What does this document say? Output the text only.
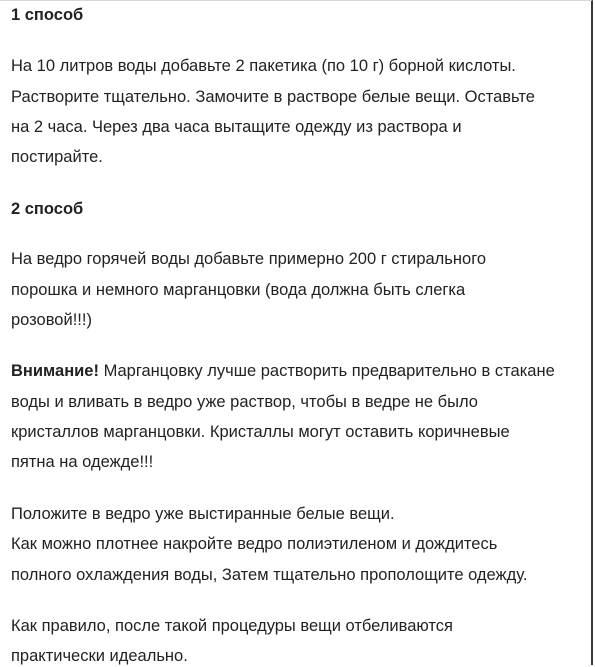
1 способ
На 10 литров воды добавьте 2 пакетика (по 10 г) борной кислоты.
Растворите тщательно. Замочите в растворе белые вещи. Оставьте
на 2 часа. Через два часа вытащите одежду из раствора и
постирайте.
2 способ
На ведро горячей воды добавьте примерно 200 г стирального
порошка и немного марганцовки (вода должна быть слегка
розовой!!!)
Внимание! Марганцовку лучше растворить предварительно в стакане
воды и вливать в ведро уже раствор, чтобы в ведре не было
кристаллов марганцовки. Кристаллы могут оставить коричневые
пятна на одежде!!!
Положите в ведро уже выстиранные белые вещи.
Как можно плотнее накройте ведро полиэтиленом и дождитесь
полного охлаждения воды, Затем тщательно прополощите одежду.
Как правило, после такой процедуры вещи отбеливаются
практически идеально.
